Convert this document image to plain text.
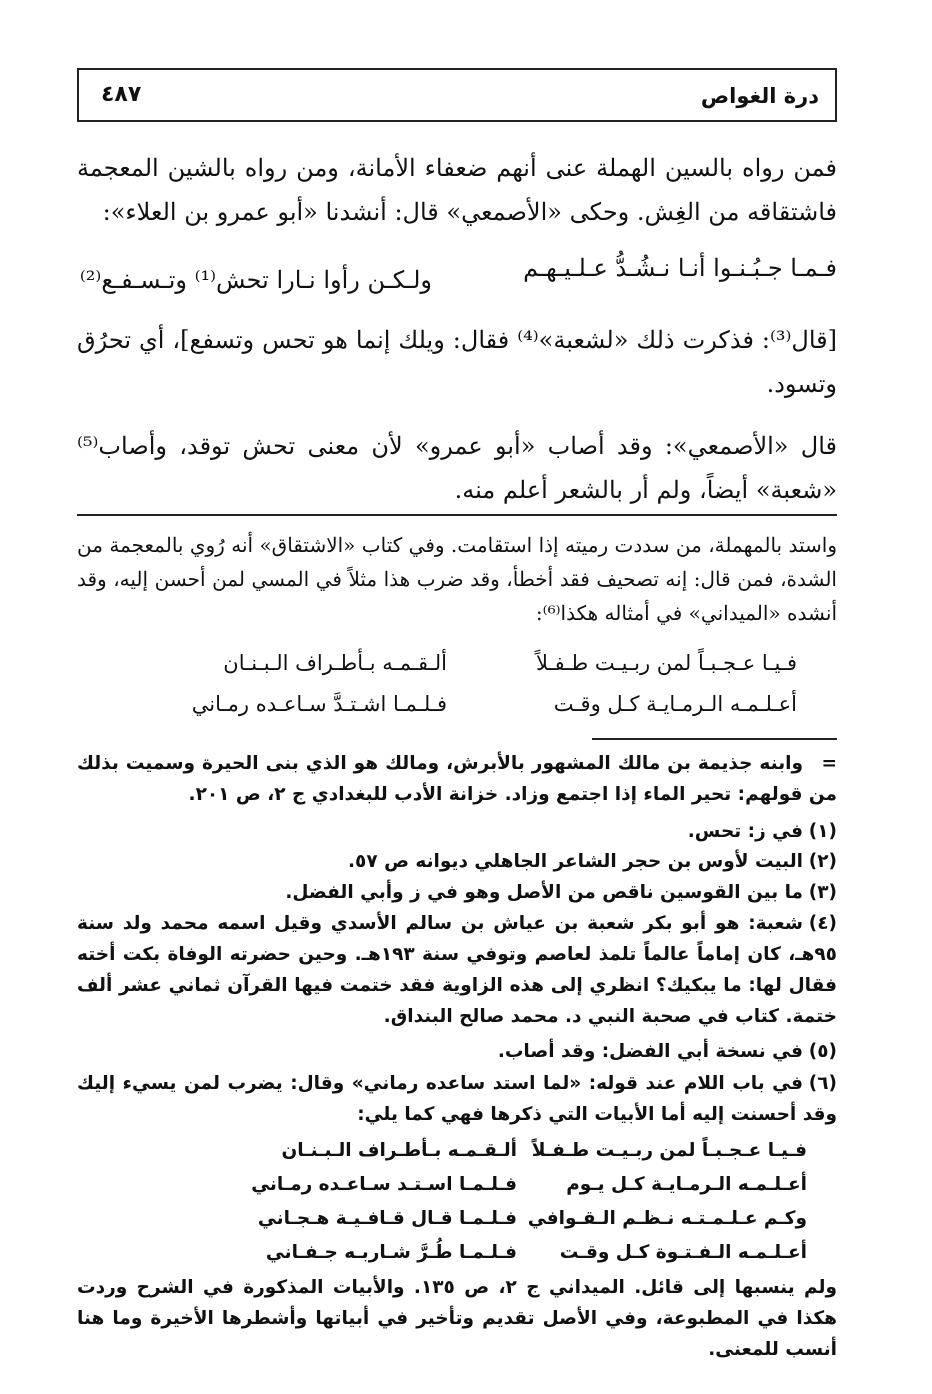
درة الغواص
٤٨٧
فمن رواه بالسين الهملة عنى أنهم ضعفاء الأمانة، ومن رواه بالشين المعجمة فاشتقاقه من الغِش. وحكى «الأصمعي» قال: أنشدنا «أبو عمرو بن العلاء»:
فـمـا جـبُـنـوا أنـا نـشُـدُّ عـلـيـهـم
ولـكـن رأوا نـارا تحش⁽¹⁾ وتـسـفـع⁽²⁾
[قال⁽³⁾: فذكرت ذلك «لشعبة»⁽⁴⁾ فقال: ويلك إنما هو تحس وتسفع]، أي تحرُق وتسود.
قال «الأصمعي»: وقد أصاب «أبو عمرو» لأن معنى تحش توقد، وأصاب⁽⁵⁾ «شعبة» أيضاً، ولم أر بالشعر أعلم منه.
واستد بالمهملة، من سددت رميته إذا استقامت. وفي كتاب «الاشتقاق» أنه رُوي بالمعجمة من الشدة، فمن قال: إنه تصحيف فقد أخطأ، وقد ضرب هذا مثلاً في المسي لمن أحسن إليه، وقد أنشده «الميداني» في أمثاله هكذا⁽⁶⁾:
فـيـا عـجـبـاً لمن ربـيـت طـفـلاً
ألـقـمـه بـأطـراف الـبـنـان
أعـلـمـه الـرمـايـة كـل وقـت
فـلـمـا اشـتـدَّ سـاعـده رمـاني
=وابنه جذيمة بن مالك المشهور بالأبرش، ومالك هو الذي بنى الحيرة وسميت بذلك من قولهم: تحير الماء إذا اجتمع وزاد. خزانة الأدب للبغدادي ج ٢، ص ٢٠١.
(١)في ز: تحس.
(٢)البيت لأوس بن حجر الشاعر الجاهلي ديوانه ص ٥٧.
(٣)ما بين القوسين ناقص من الأصل وهو في ز وأبي الفضل.
(٤)شعبة: هو أبو بكر شعبة بن عياش بن سالم الأسدي وقيل اسمه محمد ولد سنة ٩٥هـ، كان إماماً عالماً تلمذ لعاصم وتوفي سنة ١٩٣هـ. وحين حضرته الوفاة بكت أخته فقال لها: ما يبكيك؟ انظري إلى هذه الزاوية فقد ختمت فيها القرآن ثماني عشر ألف ختمة. كتاب في صحبة النبي د. محمد صالح البنداق.
(٥)في نسخة أبي الفضل: وقد أصاب.
(٦)في باب اللام عند قوله: «لما استد ساعده رماني» وقال: يضرب لمن يسيء إليك وقد أحسنت إليه أما الأبيات التي ذكرها فهي كما يلي:
فـيـا عـجـبـاً لمن ربـيـت طـفـلاً
ألـقـمـه بـأطـراف الـبـنـان
أعـلـمـه الـرمـايـة كـل يـوم
فـلـمـا اسـتـد سـاعـده رمـاني
وكـم عـلـمـتـه نـظـم الـقـوافي
فـلـمـا قـال قـافـيـة هـجـاني
أعـلـمـه الـفـتـوة كـل وقـت
فـلـمـا طُـرَّ شـاربـه جـفـاني
ولم ينسبها إلى قائل. الميداني ج ٢، ص ١٣٥. والأبيات المذكورة في الشرح وردت هكذا في المطبوعة، وفي الأصل تقديم وتأخير في أبياتها وأشطرها الأخيرة وما هنا أنسب للمعنى.
